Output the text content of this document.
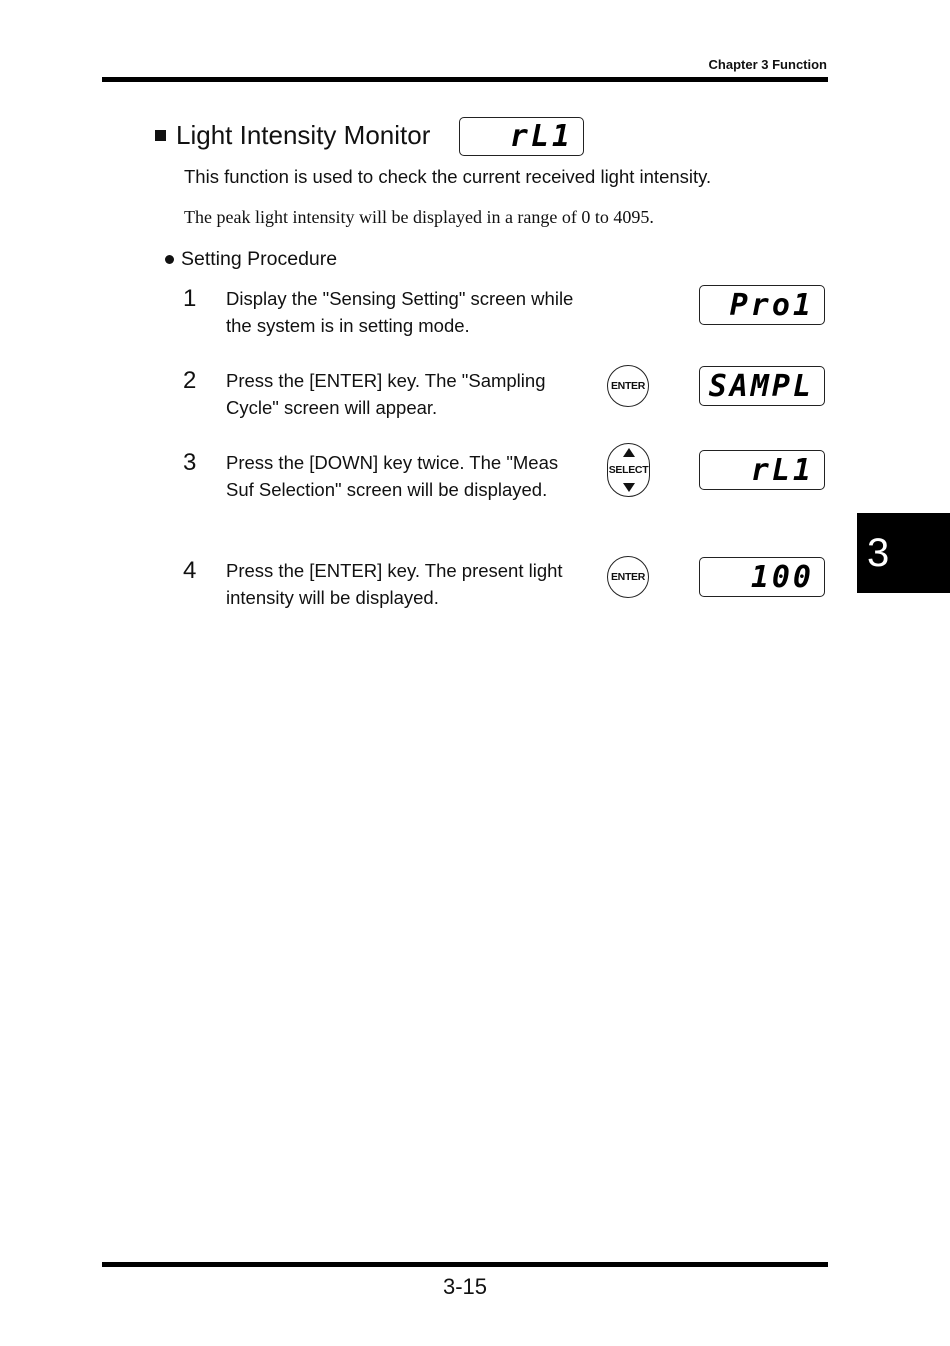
Chapter 3 Function
Light Intensity Monitor	rL1
This function is used to check the current received light intensity.
The peak light intensity will be displayed in a range of 0 to 4095.
Setting Procedure
1 Display the "Sensing Setting" screen while the system is in setting mode.
Pro1
2 Press the [ENTER] key. The "Sampling Cycle" screen will appear.
ENTER	SAMPL
3 Press the [DOWN] key twice. The "Meas Suf Selection" screen will be displayed.
SELECT	rL1
4 Press the [ENTER] key. The present light intensity will be displayed.
ENTER	100
3
3-15
